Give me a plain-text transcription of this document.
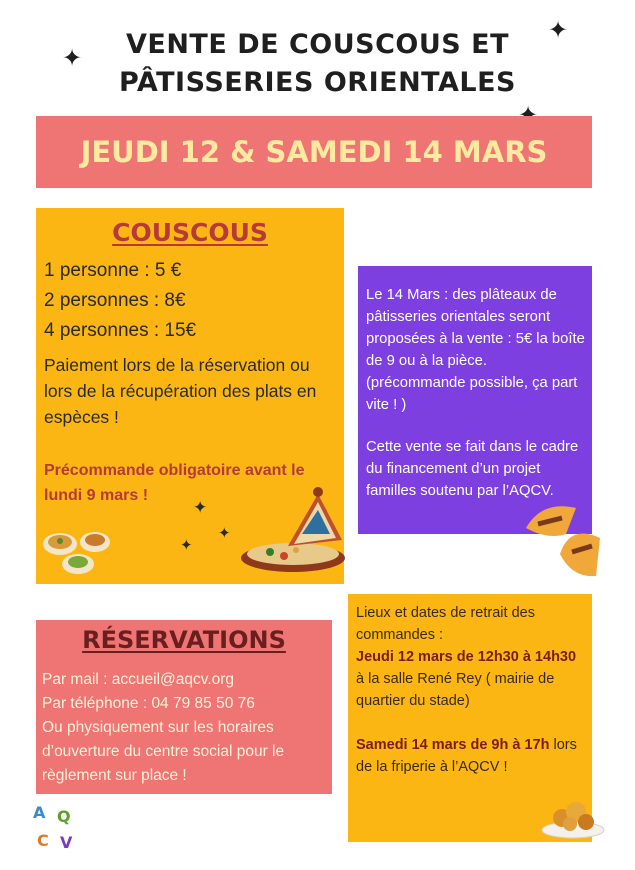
VENTE DE COUSCOUS ET
PÂTISSERIES ORIENTALES
✦
✦
JEUDI 12 & SAMEDI 14 MARS
COUSCOUS
1 personne : 5 €
2 personnes : 8€
4 personnes : 15€
Paiement lors de la réservation ou lors de la récupération des plats en espèces !
Précommande obligatoire avant le lundi 9 mars !
✦
✦
✦
Le 14 Mars : des plâteaux de pâtisseries orientales seront proposées à la vente : 5€ la boîte de 9 ou à la pièce. (précommande possible, ça part vite ! )
Cette vente se fait dans le cadre du financement d’un projet familles soutenu par l’AQCV.
RÉSERVATIONS
Par mail : accueil@aqcv.org
Par téléphone : 04 79 85 50 76
Ou physiquement sur les horaires d’ouverture du centre social pour le règlement sur place !
Lieux et dates de retrait des commandes :
Jeudi 12 mars de 12h30 à 14h30 à la salle René Rey ( mairie de quartier du stade)
Samedi 14 mars de 9h à 17h lors de la friperie à l’AQCV !
A Q
C V
